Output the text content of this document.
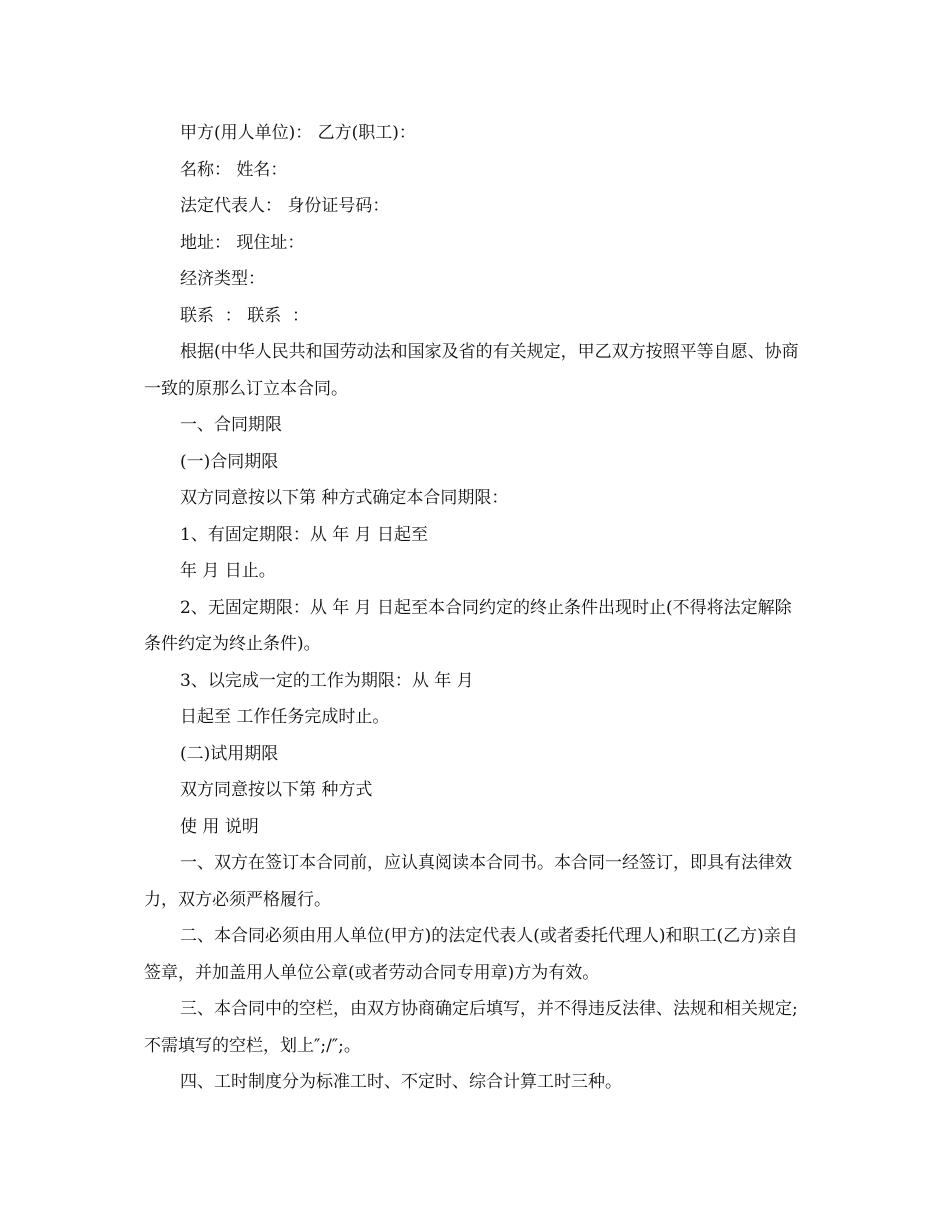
甲方(用人单位)： 乙方(职工)：

名称： 姓名：

法定代表人： 身份证号码：

地址： 现住址：

经济类型：

联系  ： 联系  ：

根据(中华人民共和国劳动法和国家及省的有关规定，甲乙双方按照平等自愿、协商一致的原那么订立本合同。

一、合同期限

(一)合同期限

双方同意按以下第 种方式确定本合同期限：

1、有固定期限：从 年 月 日起至

年 月 日止。

2、无固定期限：从 年 月 日起至本合同约定的终止条件出现时止(不得将法定解除条件约定为终止条件)。

3、以完成一定的工作为期限：从 年 月

日起至 工作任务完成时止。

(二)试用期限

双方同意按以下第 种方式

使 用 说明

一、双方在签订本合同前，应认真阅读本合同书。本合同一经签订，即具有法律效力，双方必须严格履行。

二、本合同必须由用人单位(甲方)的法定代表人(或者委托代理人)和职工(乙方)亲自签章，并加盖用人单位公章(或者劳动合同专用章)方为有效。

三、本合同中的空栏，由双方协商确定后填写，并不得违反法律、法规和相关规定;不需填写的空栏，划上″;/″;。

四、工时制度分为标准工时、不定时、综合计算工时三种。
